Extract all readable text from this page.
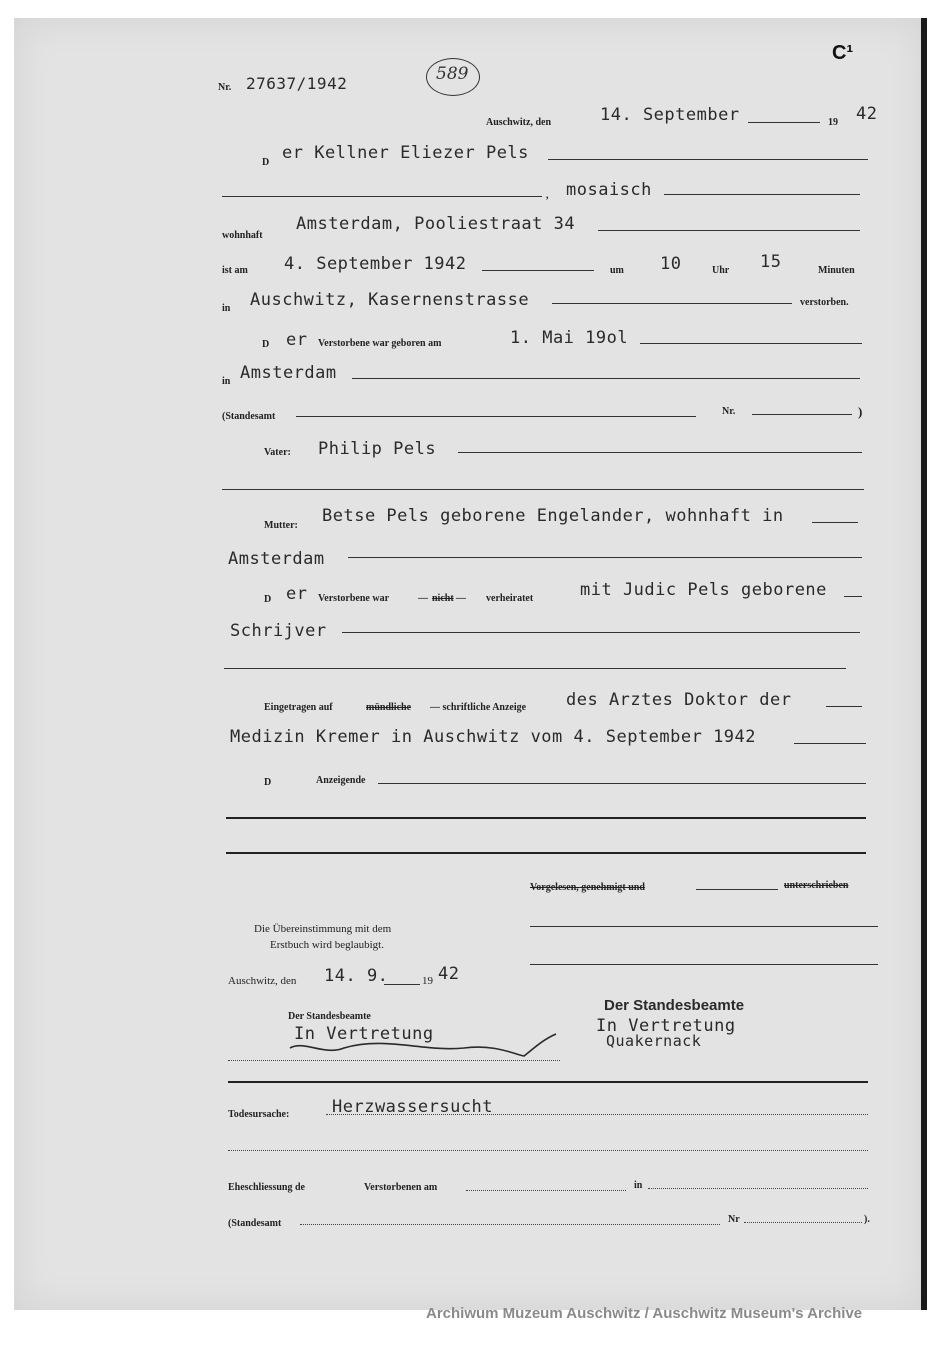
C¹
Nr. 27637/1942	589
Auschwitz, den	14. September	19 42
D er Kellner Eliezer Pels
, mosaisch
wohnhaft
Amsterdam, Pooliestraat 34
ist am 4. September 1942	um 10	Uhr 15	Minuten
in Auschwitz, Kasernenstrasse	verstorben.
D er Verstorbene war geboren am	1. Mai 19ol
in Amsterdam
(Standesamt	Nr.	)
Vater: Philip Pels
Mutter: Betse Pels geborene Engelander, wohnhaft in
Amsterdam
D er Verstorbene war	— nicht — verheiratet	mit Judic Pels geborene
Schrijver
Eingetragen auf	mündliche — schriftliche Anzeige des Arztes Doktor der
Medizin Kremer in Auschwitz vom 4. September 1942
D	Anzeigende
Vorgelesen, genehmigt und	unterschrieben
Die Übereinstimmung mit dem
Erstbuch wird beglaubigt.
Auschwitz, den 14. 9.	19 42
Der Standesbeamte
In Vertretung
Der Standesbeamte
In Vertretung
Quakernack
Todesursache:	Herzwassersucht
Eheschliessung de	Verstorbenen am	in
(Standesamt	Nr	).
Archiwum Muzeum Auschwitz / Auschwitz Museum's Archive
